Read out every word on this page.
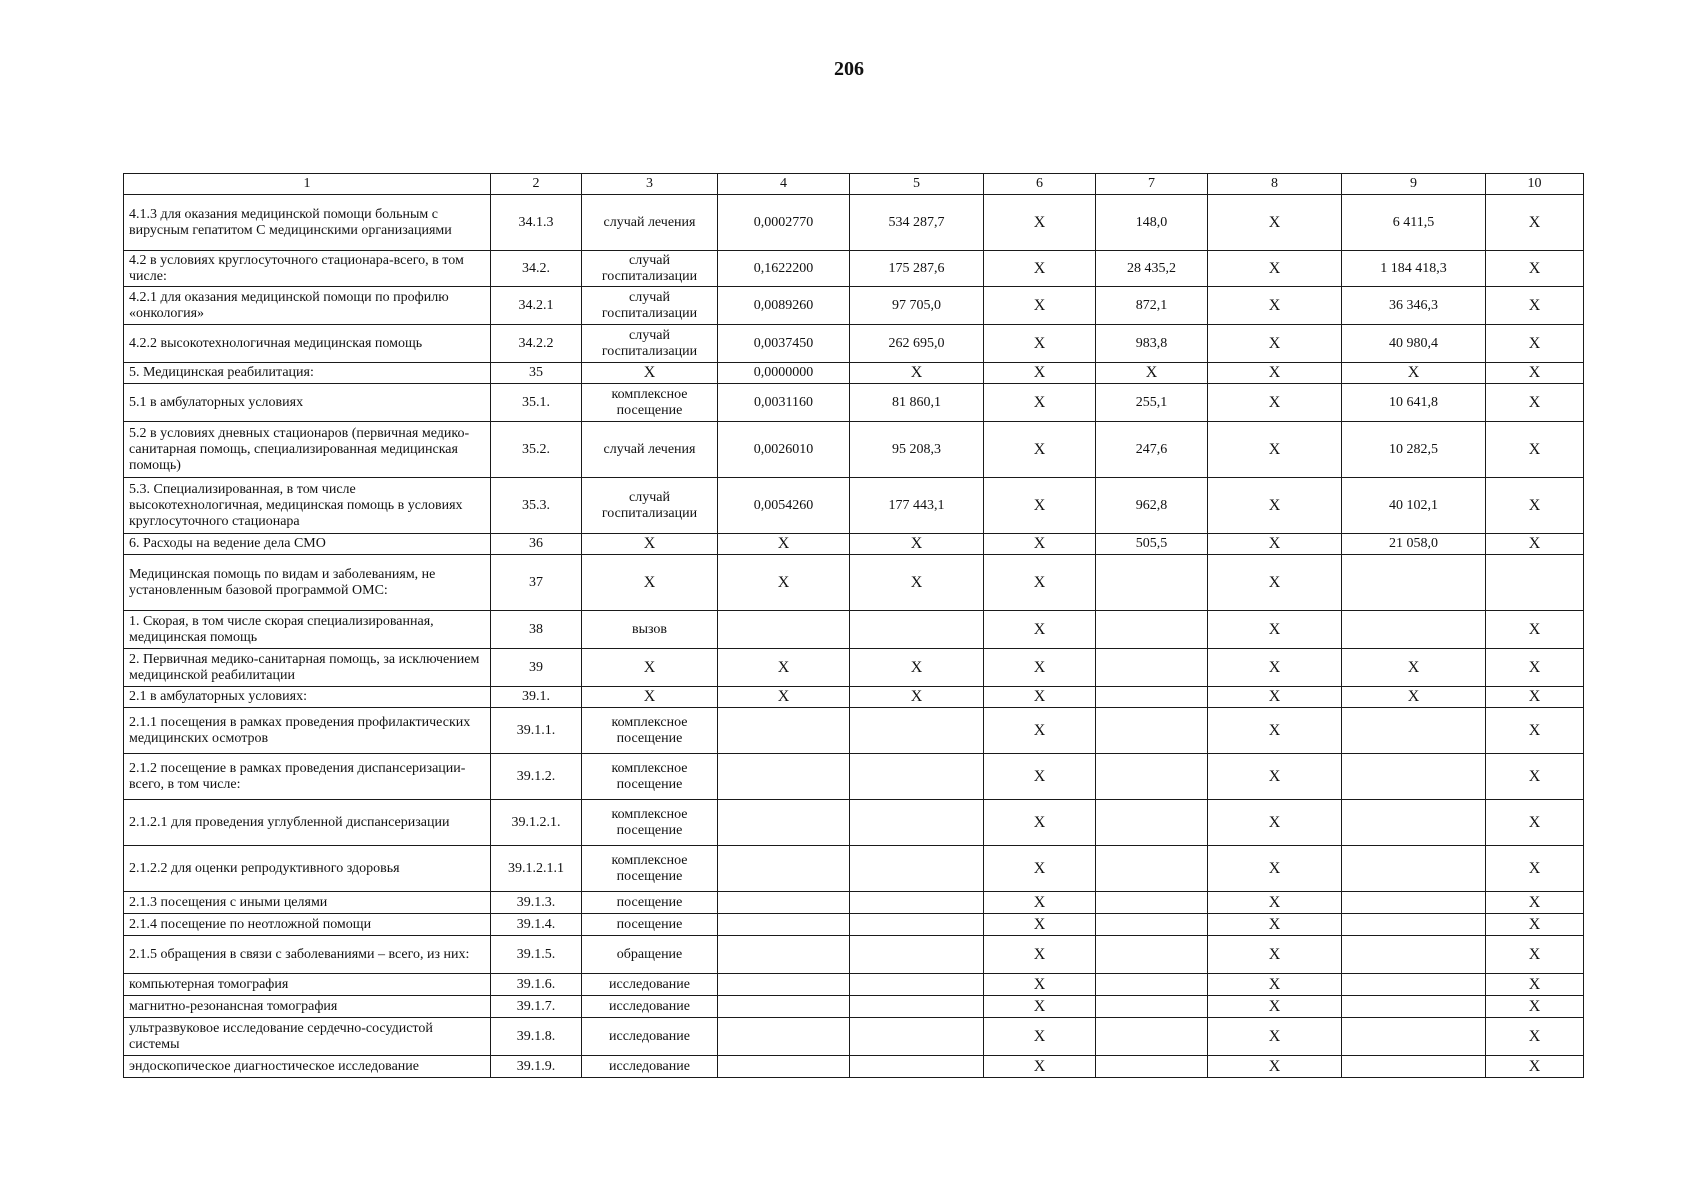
206
1	2	3	4	5	6	7	8	9	10
4.1.3 для оказания медицинской помощи больным с вирусным гепатитом С медицинскими организациями	34.1.3	случай лечения	0,0002770	534 287,7	X	148,0	X	6 411,5	X
4.2 в условиях круглосуточного стационара-всего, в том числе:	34.2.	случай госпитализации	0,1622200	175 287,6	X	28 435,2	X	1 184 418,3	X
4.2.1 для оказания медицинской помощи по профилю «онкология»	34.2.1	случай госпитализации	0,0089260	97 705,0	X	872,1	X	36 346,3	X
4.2.2 высокотехнологичная медицинская помощь	34.2.2	случай госпитализации	0,0037450	262 695,0	X	983,8	X	40 980,4	X
5. Медицинская реабилитация:	35	X	0,0000000	X	X	X	X	X	X
5.1 в амбулаторных условиях	35.1.	комплексное посещение	0,0031160	81 860,1	X	255,1	X	10 641,8	X
5.2 в условиях дневных стационаров (первичная медико-санитарная помощь, специализированная медицинская помощь)	35.2.	случай лечения	0,0026010	95 208,3	X	247,6	X	10 282,5	X
5.3. Специализированная, в том числе высокотехнологичная, медицинская помощь в условиях круглосуточного стационара	35.3.	случай госпитализации	0,0054260	177 443,1	X	962,8	X	40 102,1	X
6. Расходы на ведение дела СМО	36	X	X	X	X	505,5	X	21 058,0	X
Медицинская помощь по видам и заболеваниям, не установленным базовой программой ОМС:	37	X	X	X	X		X		
1. Скорая, в том числе скорая специализированная, медицинская помощь	38	вызов			X		X		X
2. Первичная медико-санитарная помощь, за исключением медицинской реабилитации	39	X	X	X	X		X	X	X
2.1 в амбулаторных условиях:	39.1.	X	X	X	X		X	X	X
2.1.1 посещения в рамках проведения профилактических медицинских осмотров	39.1.1.	комплексное посещение			X		X		X
2.1.2 посещение в рамках проведения диспансеризации-всего, в том числе:	39.1.2.	комплексное посещение			X		X		X
2.1.2.1 для проведения углубленной диспансеризации	39.1.2.1.	комплексное посещение			X		X		X
2.1.2.2 для оценки репродуктивного здоровья	39.1.2.1.1	комплексное посещение			X		X		X
2.1.3 посещения с иными целями	39.1.3.	посещение			X		X		X
2.1.4 посещение по неотложной помощи	39.1.4.	посещение			X		X		X
2.1.5 обращения в связи с заболеваниями – всего, из них:	39.1.5.	обращение			X		X		X
компьютерная томография	39.1.6.	исследование			X		X		X
магнитно-резонансная томография	39.1.7.	исследование			X		X		X
ультразвуковое исследование сердечно-сосудистой системы	39.1.8.	исследование			X		X		X
эндоскопическое диагностическое исследование	39.1.9.	исследование			X		X		X
